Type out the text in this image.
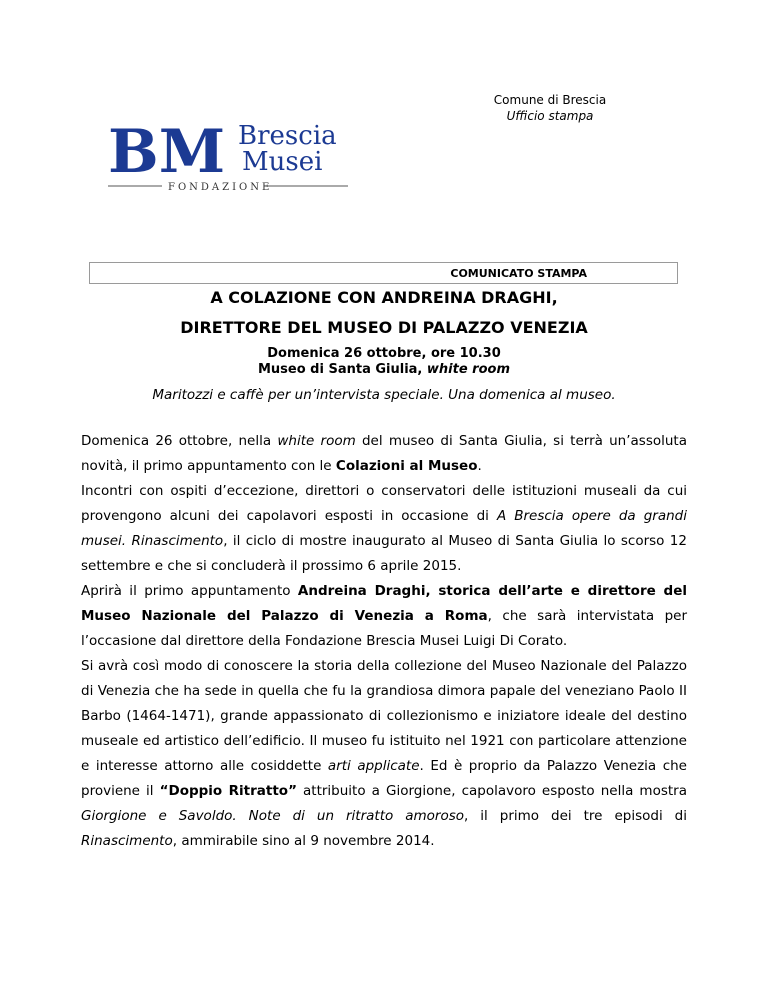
Comune di Brescia
Ufficio stampa
BM Brescia
Musei
FONDAZIONE
COMUNICATO STAMPA
A COLAZIONE CON ANDREINA DRAGHI,
DIRETTORE DEL MUSEO DI PALAZZO VENEZIA
Domenica 26 ottobre, ore 10.30
Museo di Santa Giulia, white room
Maritozzi e caffè per un’intervista speciale. Una domenica al museo.

Domenica 26 ottobre, nella white room del museo di Santa Giulia, si terrà un’assoluta novità, il primo appuntamento con le Colazioni al Museo.

Incontri con ospiti d’eccezione, direttori o conservatori delle istituzioni museali da cui provengono alcuni dei capolavori esposti in occasione di A Brescia opere da grandi musei. Rinascimento, il ciclo di mostre inaugurato al Museo di Santa Giulia lo scorso 12 settembre e che si concluderà il prossimo 6 aprile 2015.

Aprirà il primo appuntamento Andreina Draghi, storica dell’arte e direttore del Museo Nazionale del Palazzo di Venezia a Roma, che sarà intervistata per l’occasione dal direttore della Fondazione Brescia Musei Luigi Di Corato.

Si avrà così modo di conoscere la storia della collezione del Museo Nazionale del Palazzo di Venezia che ha sede in quella che fu la grandiosa dimora papale del veneziano Paolo II Barbo (1464-1471), grande appassionato di collezionismo e iniziatore ideale del destino museale ed artistico dell’edificio. Il museo fu istituito nel 1921 con particolare attenzione e interesse attorno alle cosiddette arti applicate. Ed è proprio da Palazzo Venezia che proviene il “Doppio Ritratto” attribuito a Giorgione, capolavoro esposto nella mostra Giorgione e Savoldo. Note di un ritratto amoroso, il primo dei tre episodi di Rinascimento, ammirabile sino al 9 novembre 2014.
